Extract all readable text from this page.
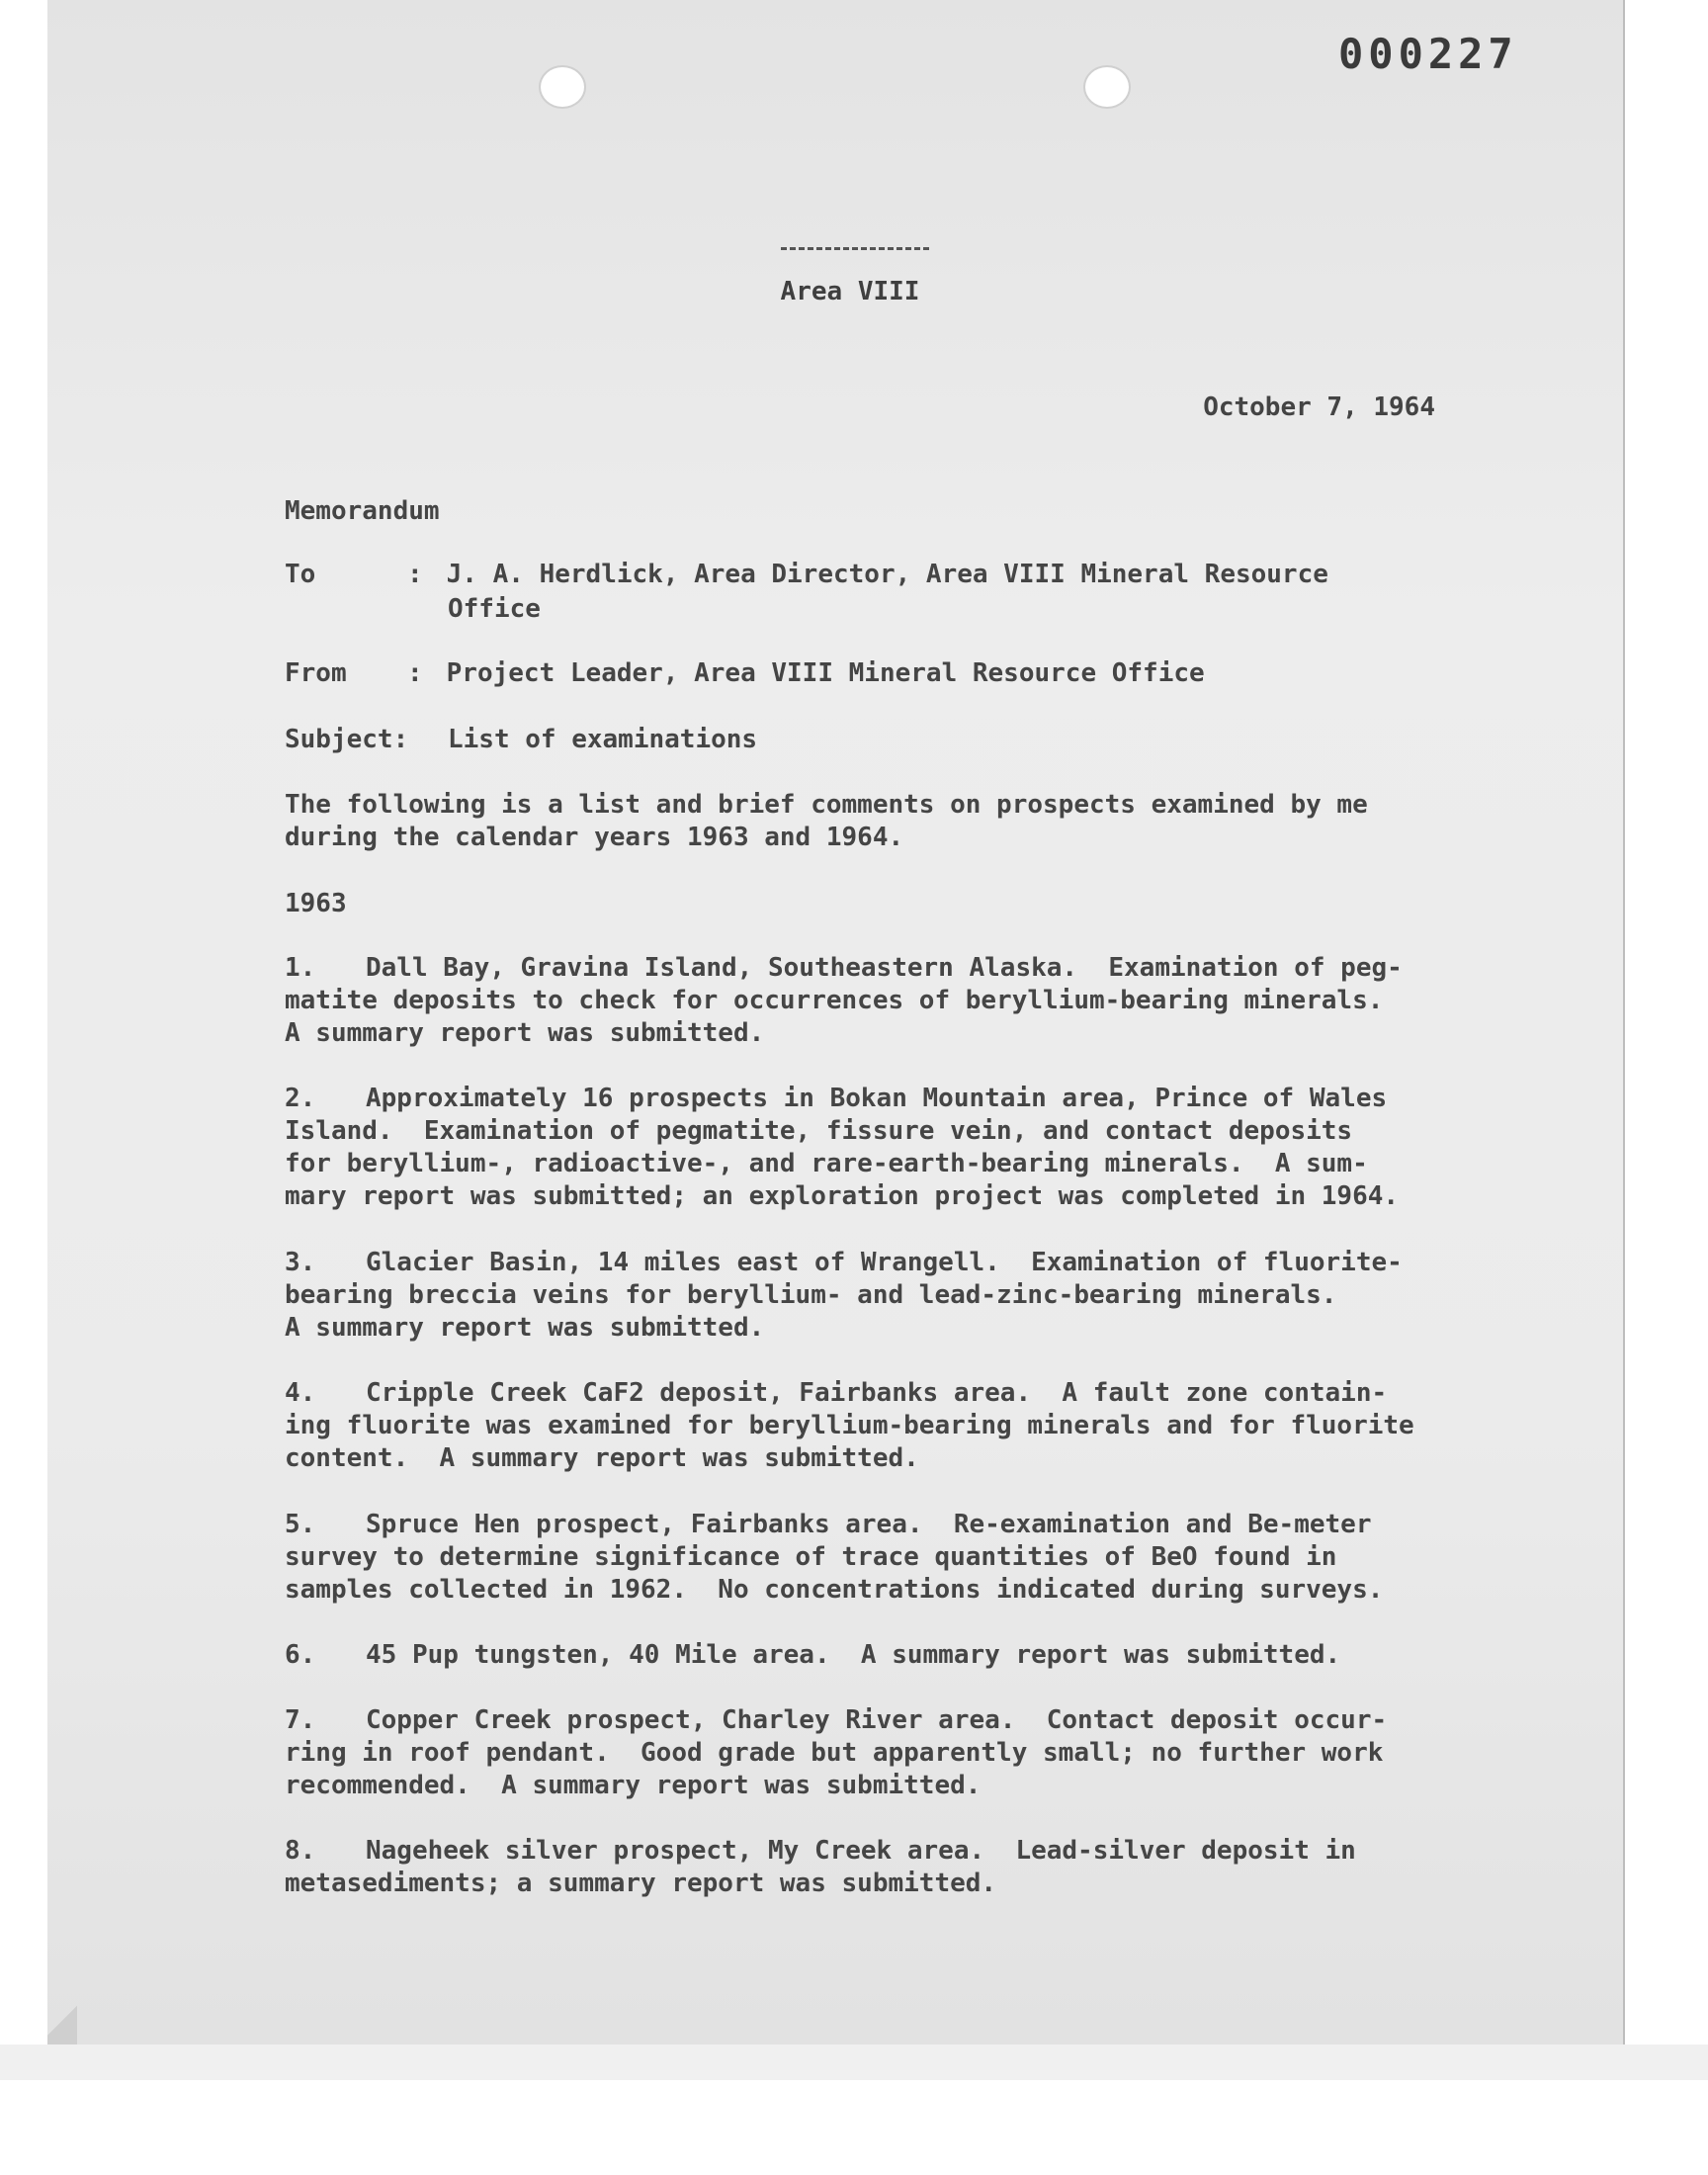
000227
Area VIII
October 7, 1964
Memorandum
To	: J. A. Herdlick, Area Director, Area VIII Mineral Resource
Office
From : Project Leader, Area VIII Mineral Resource Office
Subject: List of examinations
The following is a list and brief comments on prospects examined by me
during the calendar years 1963 and 1964.
1963
1. Dall Bay, Gravina Island, Southeastern Alaska.  Examination of peg-
matite deposits to check for occurrences of beryllium-bearing minerals.
A summary report was submitted.
2. Approximately 16 prospects in Bokan Mountain area, Prince of Wales
Island.  Examination of pegmatite, fissure vein, and contact deposits
for beryllium-, radioactive-, and rare-earth-bearing minerals.  A sum-
mary report was submitted; an exploration project was completed in 1964.
3. Glacier Basin, 14 miles east of Wrangell.  Examination of fluorite-
bearing breccia veins for beryllium- and lead-zinc-bearing minerals.
A summary report was submitted.
4. Cripple Creek CaF2 deposit, Fairbanks area.  A fault zone contain-
ing fluorite was examined for beryllium-bearing minerals and for fluorite
content.  A summary report was submitted.
5. Spruce Hen prospect, Fairbanks area.  Re-examination and Be-meter
survey to determine significance of trace quantities of BeO found in
samples collected in 1962.  No concentrations indicated during surveys.
6. 45 Pup tungsten, 40 Mile area.  A summary report was submitted.
7. Copper Creek prospect, Charley River area.  Contact deposit occur-
ring in roof pendant.  Good grade but apparently small; no further work
recommended.  A summary report was submitted.
8. Nageheek silver prospect, My Creek area.  Lead-silver deposit in
metasediments; a summary report was submitted.
